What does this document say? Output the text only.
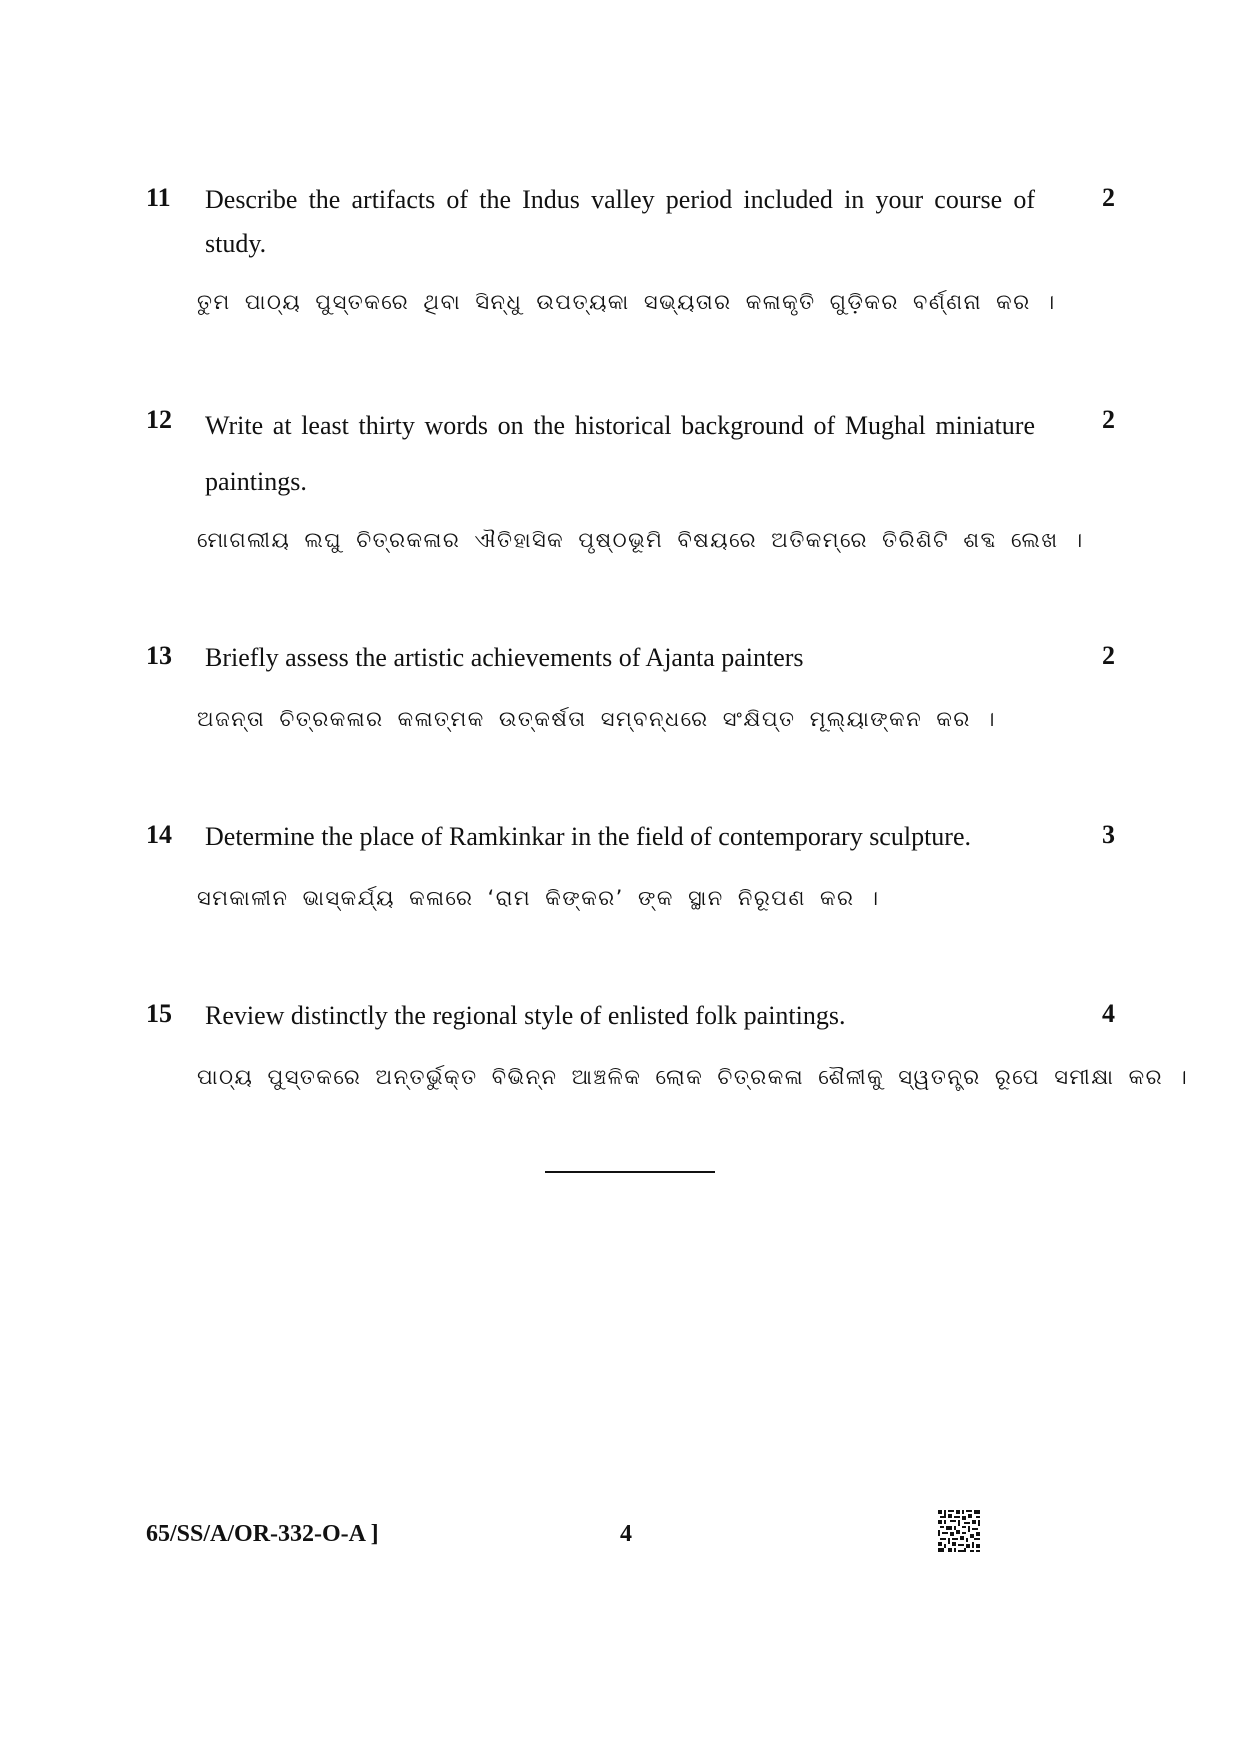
11 Describe the artifacts of the Indus valley period included in your course of study.
2
ତୁମ ପାଠ୍ୟ ପୁସ୍ତକରେ ଥିବା ସିନ୍ଧୁ ଉପତ୍ୟକା ସଭ୍ୟତାର କଳାକୃତି ଗୁଡ଼ିକର ବର୍ଣ୍ଣନା କର ।
12 Write at least thirty words on the historical background of Mughal miniature paintings.
2
ମୋଗଲୀୟ ଲଘୁ ଚିତ୍ରକଳାର ଐତିହାସିକ ପୃଷ୍ଠଭୂମି ବିଷୟରେ ଅତିକମ୍‌ରେ ତିରିଶିଟି ଶବ୍ଦ ଲେଖ ।
13 Briefly assess the artistic achievements of Ajanta painters	2
ଅଜନ୍ତା ଚିତ୍ରକଳାର କଳାତ୍ମକ ଉତ୍କର୍ଷତା ସମ୍ବନ୍ଧରେ ସଂକ୍ଷିପ୍ତ ମୂଲ୍ୟାଙ୍କନ କର ।
14 Determine the place of Ramkinkar in the field of contemporary sculpture.	3
ସମକାଳୀନ ଭାସ୍କର୍ଯ୍ୟ କଳାରେ ‘ରାମ କିଙ୍କର’ ଙ୍କ ସ୍ଥାନ ନିରୂପଣ କର ।
15 Review distinctly the regional style of enlisted folk paintings.	4
ପାଠ୍ୟ ପୁସ୍ତକରେ ଅନ୍ତର୍ଭୁକ୍ତ ବିଭିନ୍ନ ଆଞ୍ଚଳିକ ଲୋକ ଚିତ୍ରକଳା ଶୈଳୀକୁ ସ୍ୱତନ୍ତ୍ର ରୂପେ ସମୀକ୍ଷା କର ।
65/SS/A/OR-332-O-A ]	4
